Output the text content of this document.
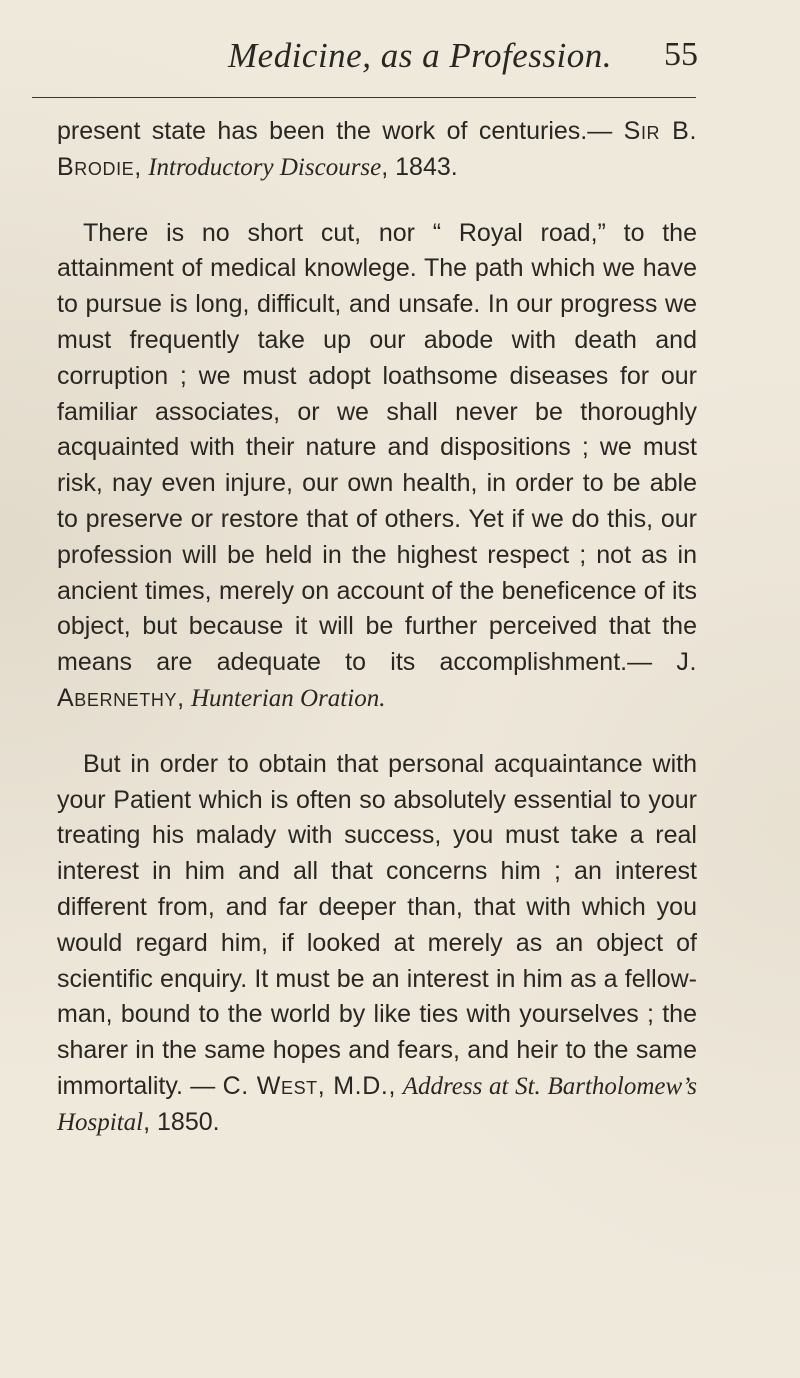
Medicine, as a Profession. 55

present state has been the work of centuries.— Sir B. Brodie, Introductory Discourse, 1843.

There is no short cut, nor “ Royal road,” to the attainment of medical knowlege. The path which we have to pursue is long, difficult, and unsafe. In our progress we must frequently take up our abode with death and corruption ; we must adopt loathsome diseases for our familiar associates, or we shall never be thoroughly acquainted with their nature and dispositions ; we must risk, nay even injure, our own health, in order to be able to preserve or restore that of others. Yet if we do this, our profession will be held in the highest respect ; not as in ancient times, merely on account of the beneficence of its object, but because it will be further perceived that the means are adequate to its accomplishment.— J. Abernethy, Hunterian Oration.

But in order to obtain that personal acquaintance with your Patient which is often so absolutely essential to your treating his malady with success, you must take a real interest in him and all that concerns him ; an interest different from, and far deeper than, that with which you would regard him, if looked at merely as an object of scientific enquiry. It must be an interest in him as a fellow-man, bound to the world by like ties with yourselves ; the sharer in the same hopes and fears, and heir to the same immortality. — C. West, M.D., Address at St. Bartholomew’s Hospital, 1850.
